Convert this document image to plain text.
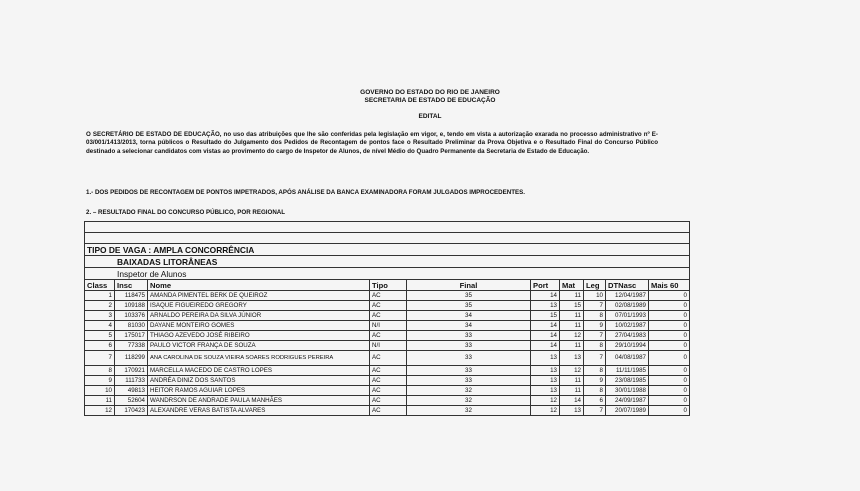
GOVERNO DO ESTADO DO RIO DE JANEIRO
SECRETARIA DE ESTADO DE EDUCAÇÃO
EDITAL
O SECRETÁRIO DE ESTADO DE EDUCAÇÃO, no uso das atribuições que lhe são conferidas pela legislação em vigor, e, tendo em vista a autorização exarada no processo administrativo nº E-03/001/1413/2013, torna públicos o Resultado do Julgamento dos Pedidos de Recontagem de pontos face o Resultado Preliminar da Prova Objetiva e o Resultado Final do Concurso Público destinado a selecionar candidatos com vistas ao provimento do cargo de Inspetor de Alunos, de nível Médio do Quadro Permanente da Secretaria de Estado de Educação.
1.- DOS PEDIDOS DE RECONTAGEM DE PONTOS IMPETRADOS, APÓS ANÁLISE DA BANCA EXAMINADORA FORAM JULGADOS IMPROCEDENTES.
2. – RESULTADO FINAL DO CONCURSO PÚBLICO, POR REGIONAL

TIPO DE VAGA : AMPLA CONCORRÊNCIA									
BAIXADAS LITORÂNEAS									
Inspetor de Alunos									
Class	Insc	Nome	Tipo	Final	Port	Mat	Leg	DTNasc	Mais 60
1	118475	AMANDA PIMENTEL BERK DE QUEIROZ	AC	35	14	11	10	12/04/1987	0
2	109188	ISAQUE FIGUEIREDO GREGORY	AC	35	13	15	7	02/08/1989	0
3	103376	ARNALDO PEREIRA DA SILVA JÚNIOR	AC	34	15	11	8	07/01/1993	0
4	81030	DAYANE MONTEIRO GOMES	N/I	34	14	11	9	10/02/1987	0
5	175017	THIAGO AZEVEDO JOSÉ RIBEIRO	AC	33	14	12	7	27/04/1983	0
6	77338	PAULO VICTOR FRANÇA DE SOUZA	N/I	33	14	11	8	29/10/1994	0
7	118299	ANA CAROLINA DE SOUZA VIEIRA SOARES RODRIGUES PEREIRA	AC	33	13	13	7	04/08/1987	0
8	170921	MARCELLA MACEDO DE CASTRO LOPES	AC	33	13	12	8	11/11/1985	0
9	111733	ANDRÉA DINIZ DOS SANTOS	AC	33	13	11	9	23/08/1985	0
10	49813	HEITOR RAMOS AGUIAR LOPES	AC	32	13	11	8	30/01/1988	0
11	52604	WANDRSON DE ANDRADE PAULA MANHÃES	AC	32	12	14	6	24/09/1987	0
12	170423	ALEXANDRE VERAS BATISTA ALVARES	AC	32	12	13	7	20/07/1989	0
